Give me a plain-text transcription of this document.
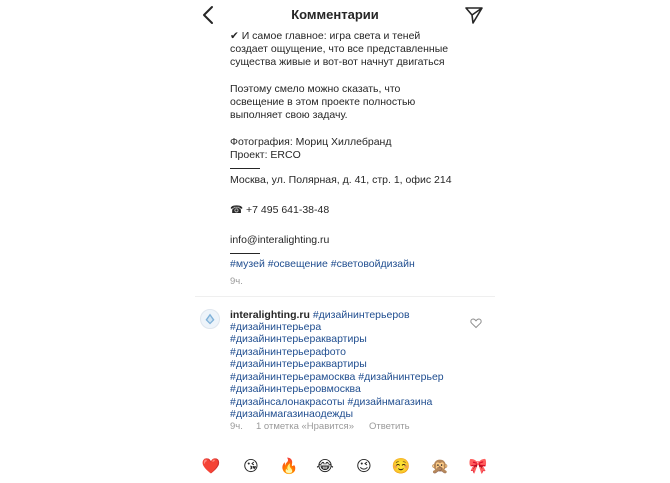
Комментарии
✔ И самое главное: игра света и теней
создает ощущение, что все представленные
существа живые и вот-вот начнут двигаться
Поэтому смело можно сказать, что
освещение в этом проекте полностью
выполняет свою задачу.
Фотография: Мориц Хиллебранд
Проект: ERCO
Москва, ул. Полярная, д. 41, стр. 1, офис 214
☎ +7 495 641-38-48
info@interalighting.ru
#музей #освещение #световойдизайн
9ч.
interalighting.ru #дизайнинтерьеров
#дизайнинтерьера
#дизайнинтерьераквартиры
#дизайнинтерьерафото
#дизайнинтерьераквартиры
#дизайнинтерьерамосква #дизайнинтерьер
#дизайнинтерьеровмосква
#дизайнсалонакрасоты #дизайнмагазина
#дизайнмагазинаодежды
9ч. 1 отметка «Нравится» Ответить
❤️ 😘 🔥 😂 😉 ☺️ 🙊 🎀
